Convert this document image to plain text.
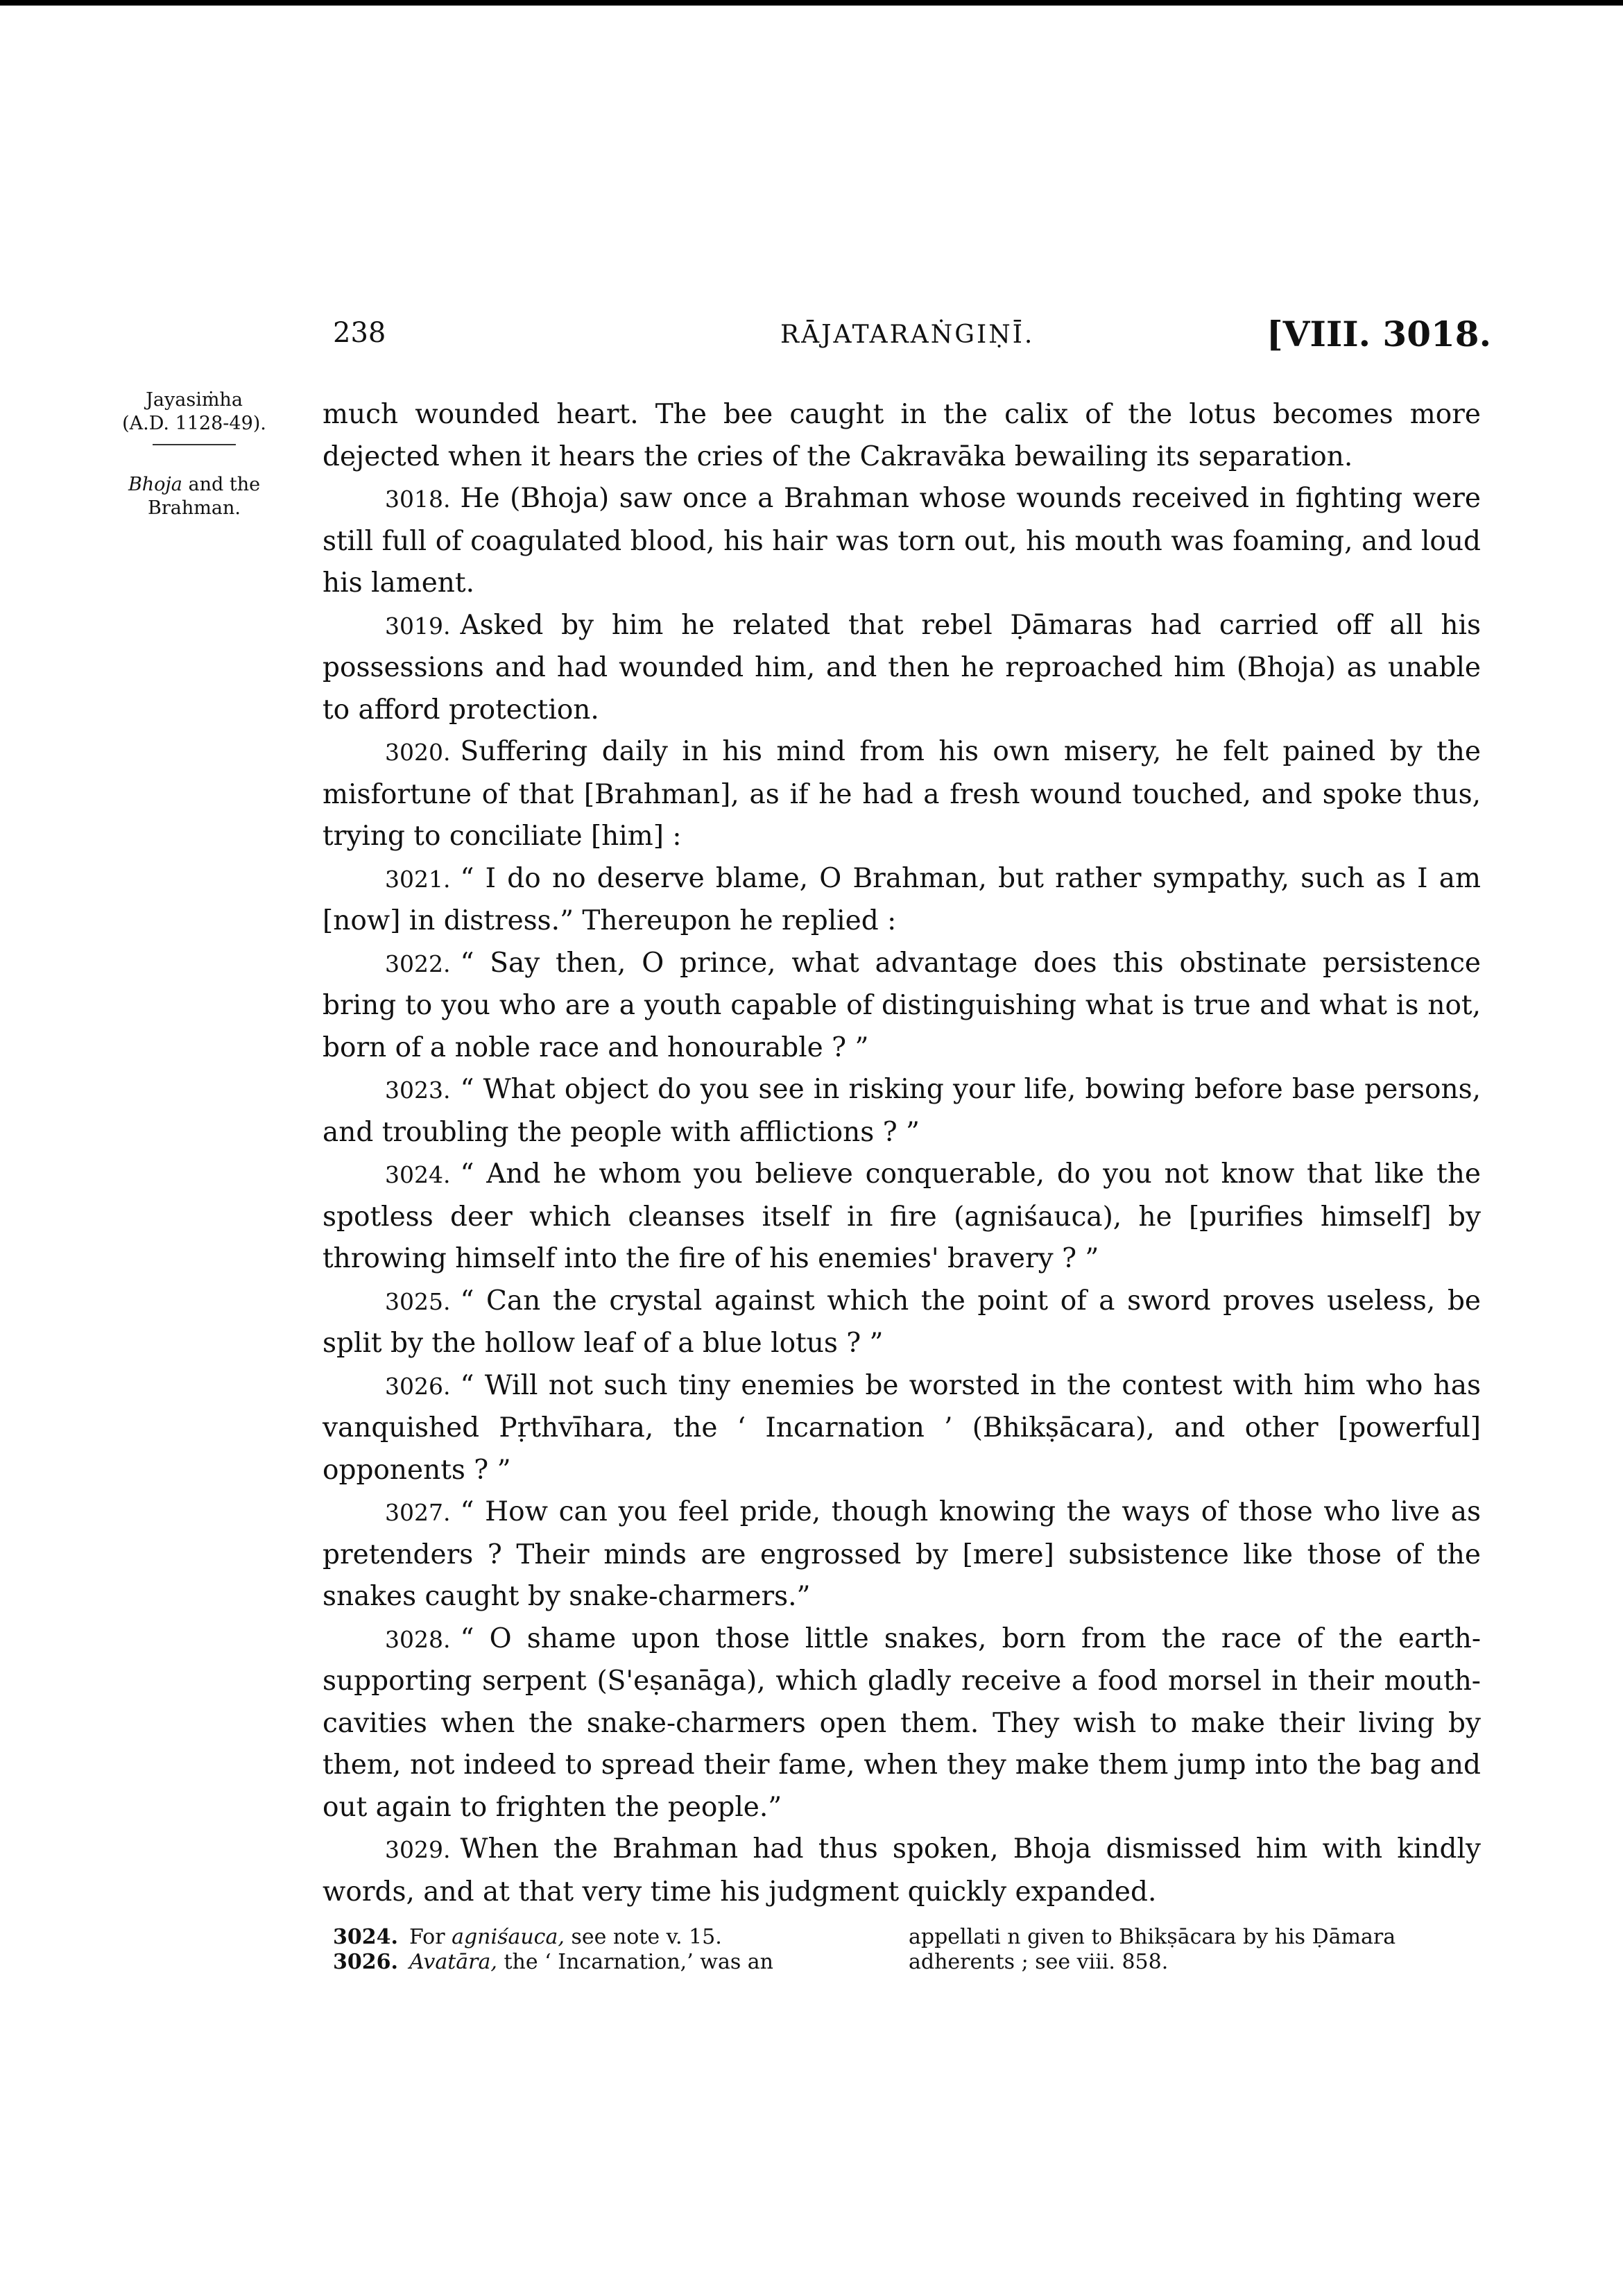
238	RĀJATARAṄGIṆĪ.	[VIII. 3018.
Jayasiṁha
(A.D. 1128-49).
Bhoja and the
Brahman.

much wounded heart. The bee caught in the calix of the lotus becomes more dejected when it hears the cries of the Cakravāka bewailing its separation.

3018. He (Bhoja) saw once a Brahman whose wounds received in fighting were still full of coagulated blood, his hair was torn out, his mouth was foaming, and loud his lament.

3019. Asked by him he related that rebel Ḍāmaras had carried off all his possessions and had wounded him, and then he reproached him (Bhoja) as unable to afford protection.

3020. Suffering daily in his mind from his own misery, he felt pained by the misfortune of that [Brahman], as if he had a fresh wound touched, and spoke thus, trying to conciliate [him] :

3021. “ I do no deserve blame, O Brahman, but rather sympathy, such as I am [now] in distress.” Thereupon he replied :

3022. “ Say then, O prince, what advantage does this obstinate persistence bring to you who are a youth capable of distinguishing what is true and what is not, born of a noble race and honourable ? ”

3023. “ What object do you see in risking your life, bowing before base persons, and troubling the people with afflictions ? ”

3024. “ And he whom you believe conquerable, do you not know that like the spotless deer which cleanses itself in fire (agniśauca), he [purifies himself] by throwing himself into the fire of his enemies' bravery ? ”

3025. “ Can the crystal against which the point of a sword proves useless, be split by the hollow leaf of a blue lotus ? ”

3026. “ Will not such tiny enemies be worsted in the contest with him who has vanquished Pṛthvīhara, the ‘ Incarnation ’ (Bhikṣācara), and other [powerful] opponents ? ”

3027. “ How can you feel pride, though knowing the ways of those who live as pretenders ? Their minds are engrossed by [mere] subsistence like those of the snakes caught by snake-charmers.”

3028. “ O shame upon those little snakes, born from the race of the earth-supporting serpent (S'eṣanāga), which gladly receive a food morsel in their mouth-cavities when the snake-charmers open them. They wish to make their living by them, not indeed to spread their fame, when they make them jump into the bag and out again to frighten the people.”

3029. When the Brahman had thus spoken, Bhoja dismissed him with kindly words, and at that very time his judgment quickly expanded.

3024. For agniśauca, see note v. 15.
3026. Avatāra, the ‘ Incarnation,’ was an
appellati n given to Bhikṣācara by his Ḍāmara
adherents ; see viii. 858.
